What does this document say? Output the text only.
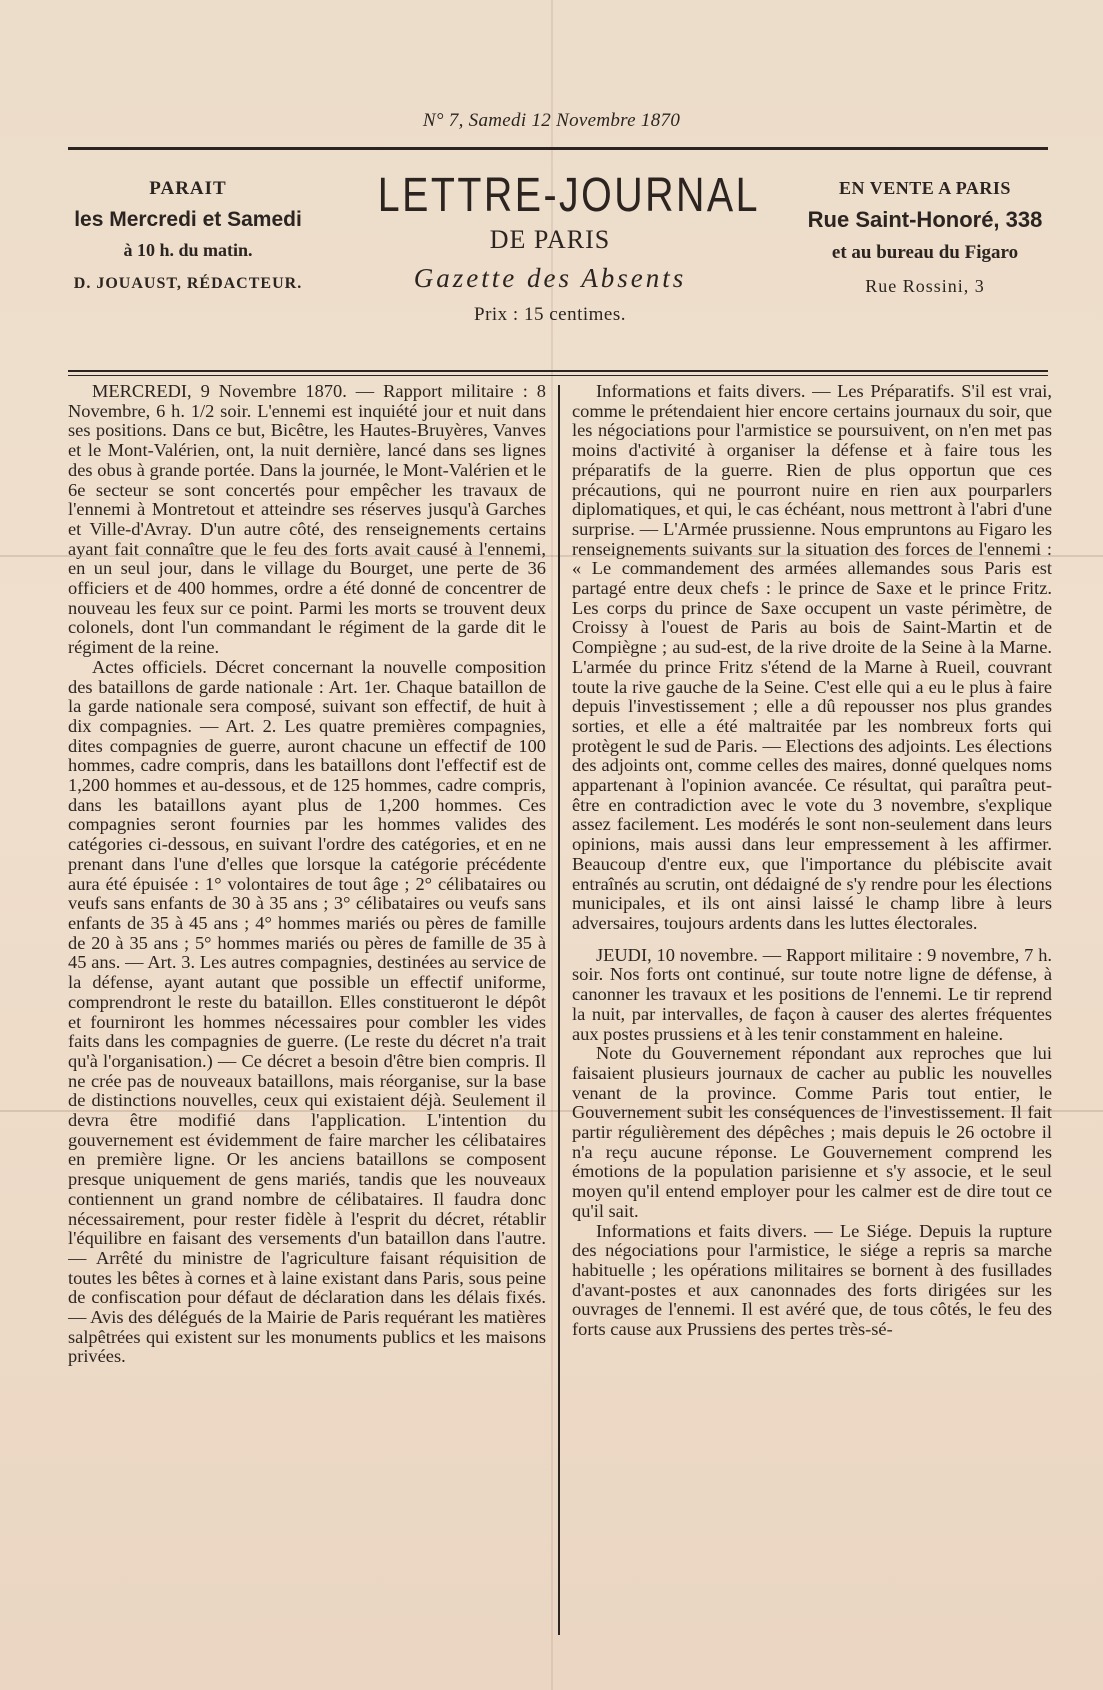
N° 7, Samedi 12 Novembre 1870
PARAIT
les Mercredi et Samedi
à 10 h. du matin.
D. JOUAUST, RÉDACTEUR.
LETTRE-JOURNAL
DE PARIS
Gazette des Absents
Prix : 15 centimes.
EN VENTE A PARIS
Rue Saint-Honoré, 338
et au bureau du Figaro
Rue Rossini, 3

MERCREDI, 9 Novembre 1870. — Rapport militaire : 8 Novembre, 6 h. 1/2 soir. L'ennemi est inquiété jour et nuit dans ses positions. Dans ce but, Bicêtre, les Hautes-Bruyères, Vanves et le Mont-Valérien, ont, la nuit dernière, lancé dans ses lignes des obus à grande portée. Dans la journée, le Mont-Valérien et le 6e secteur se sont concertés pour empêcher les travaux de l'ennemi à Montretout et atteindre ses réserves jusqu'à Garches et Ville-d'Avray. D'un autre côté, des renseignements certains ayant fait connaître que le feu des forts avait causé à l'ennemi, en un seul jour, dans le village du Bourget, une perte de 36 officiers et de 400 hommes, ordre a été donné de concentrer de nouveau les feux sur ce point. Parmi les morts se trouvent deux colonels, dont l'un commandant le régiment de la garde dit le régiment de la reine.

Actes officiels. Décret concernant la nouvelle composition des bataillons de garde nationale : Art. 1er. Chaque bataillon de la garde nationale sera composé, suivant son effectif, de huit à dix compagnies. — Art. 2. Les quatre premières compagnies, dites compagnies de guerre, auront chacune un effectif de 100 hommes, cadre compris, dans les bataillons dont l'effectif est de 1,200 hommes et au-dessous, et de 125 hommes, cadre compris, dans les bataillons ayant plus de 1,200 hommes. Ces compagnies seront fournies par les hommes valides des catégories ci-dessous, en suivant l'ordre des catégories, et en ne prenant dans l'une d'elles que lorsque la catégorie précédente aura été épuisée : 1° volontaires de tout âge ; 2° célibataires ou veufs sans enfants de 30 à 35 ans ; 3° célibataires ou veufs sans enfants de 35 à 45 ans ; 4° hommes mariés ou pères de famille de 20 à 35 ans ; 5° hommes mariés ou pères de famille de 35 à 45 ans. — Art. 3. Les autres compagnies, destinées au service de la défense, ayant autant que possible un effectif uniforme, comprendront le reste du bataillon. Elles constitueront le dépôt et fourniront les hommes nécessaires pour combler les vides faits dans les compagnies de guerre. (Le reste du décret n'a trait qu'à l'organisation.) — Ce décret a besoin d'être bien compris. Il ne crée pas de nouveaux bataillons, mais réorganise, sur la base de distinctions nouvelles, ceux qui existaient déjà. Seulement il devra être modifié dans l'application. L'intention du gouvernement est évidemment de faire marcher les célibataires en première ligne. Or les anciens bataillons se composent presque uniquement de gens mariés, tandis que les nouveaux contiennent un grand nombre de célibataires. Il faudra donc nécessairement, pour rester fidèle à l'esprit du décret, rétablir l'équilibre en faisant des versements d'un bataillon dans l'autre. — Arrêté du ministre de l'agriculture faisant réquisition de toutes les bêtes à cornes et à laine existant dans Paris, sous peine de confiscation pour défaut de déclaration dans les délais fixés. — Avis des délégués de la Mairie de Paris requérant les matières salpêtrées qui existent sur les monuments publics et les maisons privées.

Informations et faits divers. — Les Préparatifs. S'il est vrai, comme le prétendaient hier encore certains journaux du soir, que les négociations pour l'armistice se poursuivent, on n'en met pas moins d'activité à organiser la défense et à faire tous les préparatifs de la guerre. Rien de plus opportun que ces précautions, qui ne pourront nuire en rien aux pourparlers diplomatiques, et qui, le cas échéant, nous mettront à l'abri d'une surprise. — L'Armée prussienne. Nous empruntons au Figaro les renseignements suivants sur la situation des forces de l'ennemi : « Le commandement des armées allemandes sous Paris est partagé entre deux chefs : le prince de Saxe et le prince Fritz. Les corps du prince de Saxe occupent un vaste périmètre, de Croissy à l'ouest de Paris au bois de Saint-Martin et de Compiègne ; au sud-est, de la rive droite de la Seine à la Marne. L'armée du prince Fritz s'étend de la Marne à Rueil, couvrant toute la rive gauche de la Seine. C'est elle qui a eu le plus à faire depuis l'investissement ; elle a dû repousser nos plus grandes sorties, et elle a été maltraitée par les nombreux forts qui protègent le sud de Paris. — Elections des adjoints. Les élections des adjoints ont, comme celles des maires, donné quelques noms appartenant à l'opinion avancée. Ce résultat, qui paraîtra peut-être en contradiction avec le vote du 3 novembre, s'explique assez facilement. Les modérés le sont non-seulement dans leurs opinions, mais aussi dans leur empressement à les affirmer. Beaucoup d'entre eux, que l'importance du plébiscite avait entraînés au scrutin, ont dédaigné de s'y rendre pour les élections municipales, et ils ont ainsi laissé le champ libre à leurs adversaires, toujours ardents dans les luttes électorales.

JEUDI, 10 novembre. — Rapport militaire : 9 novembre, 7 h. soir. Nos forts ont continué, sur toute notre ligne de défense, à canonner les travaux et les positions de l'ennemi. Le tir reprend la nuit, par intervalles, de façon à causer des alertes fréquentes aux postes prussiens et à les tenir constamment en haleine.

Note du Gouvernement répondant aux reproches que lui faisaient plusieurs journaux de cacher au public les nouvelles venant de la province. Comme Paris tout entier, le Gouvernement subit les conséquences de l'investissement. Il fait partir régulièrement des dépêches ; mais depuis le 26 octobre il n'a reçu aucune réponse. Le Gouvernement comprend les émotions de la population parisienne et s'y associe, et le seul moyen qu'il entend employer pour les calmer est de dire tout ce qu'il sait.

Informations et faits divers. — Le Siége. Depuis la rupture des négociations pour l'armistice, le siége a repris sa marche habituelle ; les opérations militaires se bornent à des fusillades d'avant-postes et aux canonnades des forts dirigées sur les ouvrages de l'ennemi. Il est avéré que, de tous côtés, le feu des forts cause aux Prussiens des pertes très-sé-
